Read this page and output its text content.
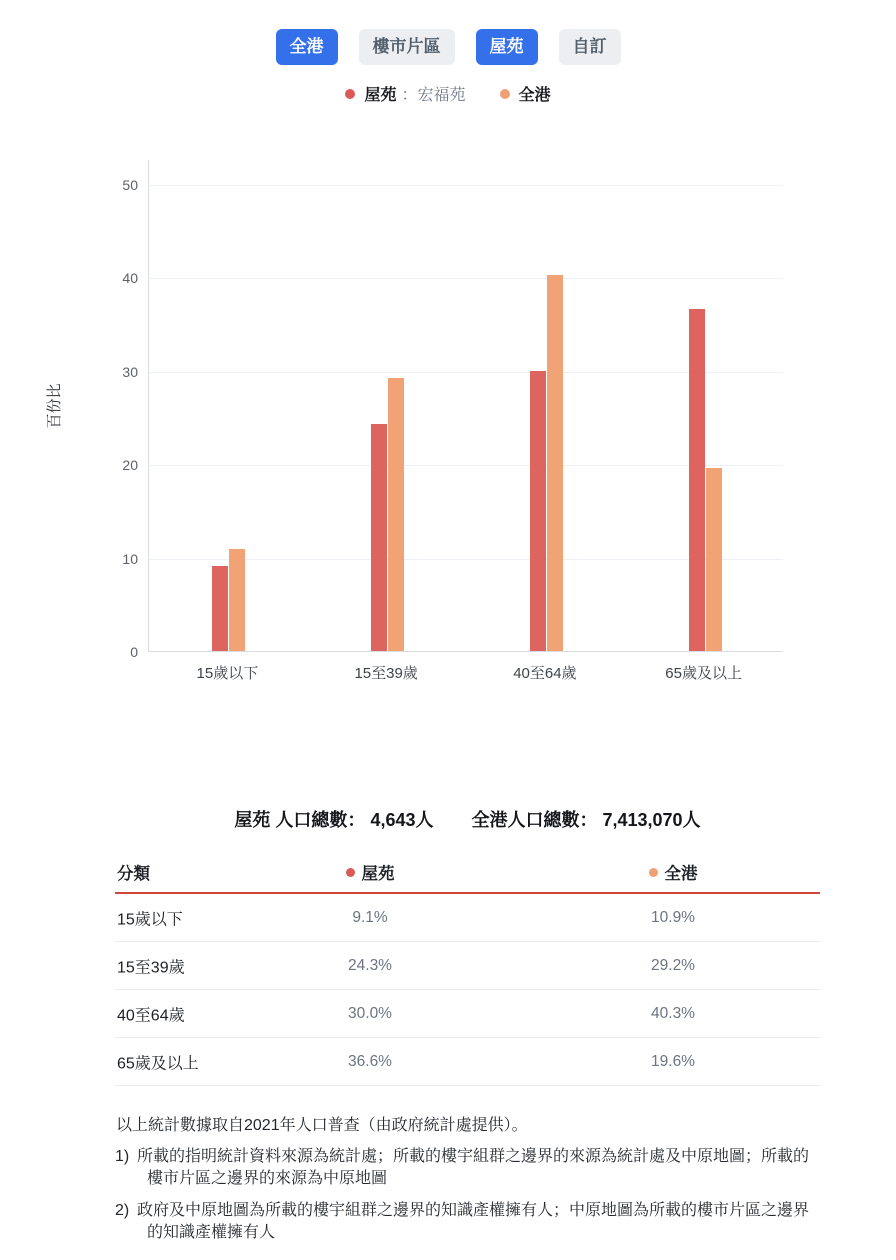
全港	樓市片區	屋苑	自訂
屋苑 ：宏福苑	全港
百份比
0
10
20
30
40
50
15歲以下	15至39歲	40至64歲	65歲及以上
屋苑 人口總數： 4,643人 全港人口總數： 7,413,070人
分類	屋苑	全港
15歲以下	9.1%	10.9%
15至39歲	24.3%	29.2%
40至64歲	30.0%	40.3%
65歲及以上	36.6%	19.6%
以上統計數據取自2021年人口普查（由政府統計處提供）。
1) 所載的指明統計資料來源為統計處；所載的樓宇組群之邊界的來源為統計處及中原地圖；所載的樓市片區之邊界的來源為中原地圖
2) 政府及中原地圖為所載的樓宇組群之邊界的知識產權擁有人；中原地圖為所載的樓市片區之邊界的知識產權擁有人
